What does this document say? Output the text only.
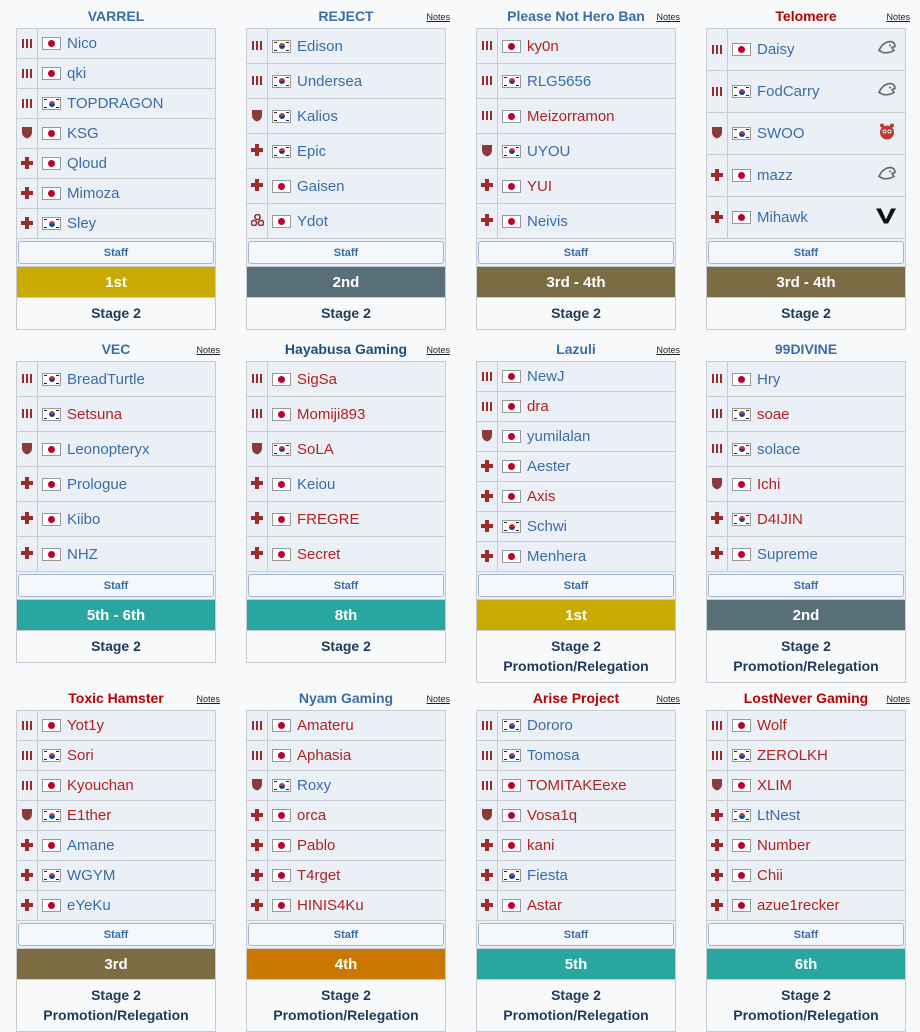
VARREL
Nico
qki
TOPDRAGON
KSG
Qloud
Mimoza
Sley
Staff
1st
Stage 2
REJECT	Notes
Edison
Undersea
Kalios
Epic
Gaisen
Ydot
Staff
2nd
Stage 2
Please Not Hero Ban	Notes
ky0n
RLG5656
Meizorramon
UYOU
YUI
Neivis
Staff
3rd - 4th
Stage 2
Telomere	Notes
Daisy
FodCarry
SWOO
mazz
Mihawk
Staff
3rd - 4th
Stage 2
VEC	Notes
BreadTurtle
Setsuna
Leonopteryx
Prologue
Kiibo
NHZ
Staff
5th - 6th
Stage 2
Hayabusa Gaming	Notes
SigSa
Momiji893
SoLA
Keiou
FREGRE
Secret
Staff
8th
Stage 2
Lazuli	Notes
NewJ
dra
yumilalan
Aester
Axis
Schwi
Menhera
Staff
1st
Stage 2
Promotion/Relegation
99DIVINE
Hry
soae
solace
Ichi
D4IJIN
Supreme
Staff
2nd
Stage 2
Promotion/Relegation
Toxic Hamster	Notes
Yot1y
Sori
Kyouchan
E1ther
Amane
WGYM
eYeKu
Staff
3rd
Stage 2
Promotion/Relegation
Nyam Gaming	Notes
Amateru
Aphasia
Roxy
orca
Pablo
T4rget
HINIS4Ku
Staff
4th
Stage 2
Promotion/Relegation
Arise Project	Notes
Dororo
Tomosa
TOMITAKEexe
Vosa1q
kani
Fiesta
Astar
Staff
5th
Stage 2
Promotion/Relegation
LostNever Gaming	Notes
Wolf
ZEROLKH
XLIM
LtNest
Number
Chii
azue1recker
Staff
6th
Stage 2
Promotion/Relegation
